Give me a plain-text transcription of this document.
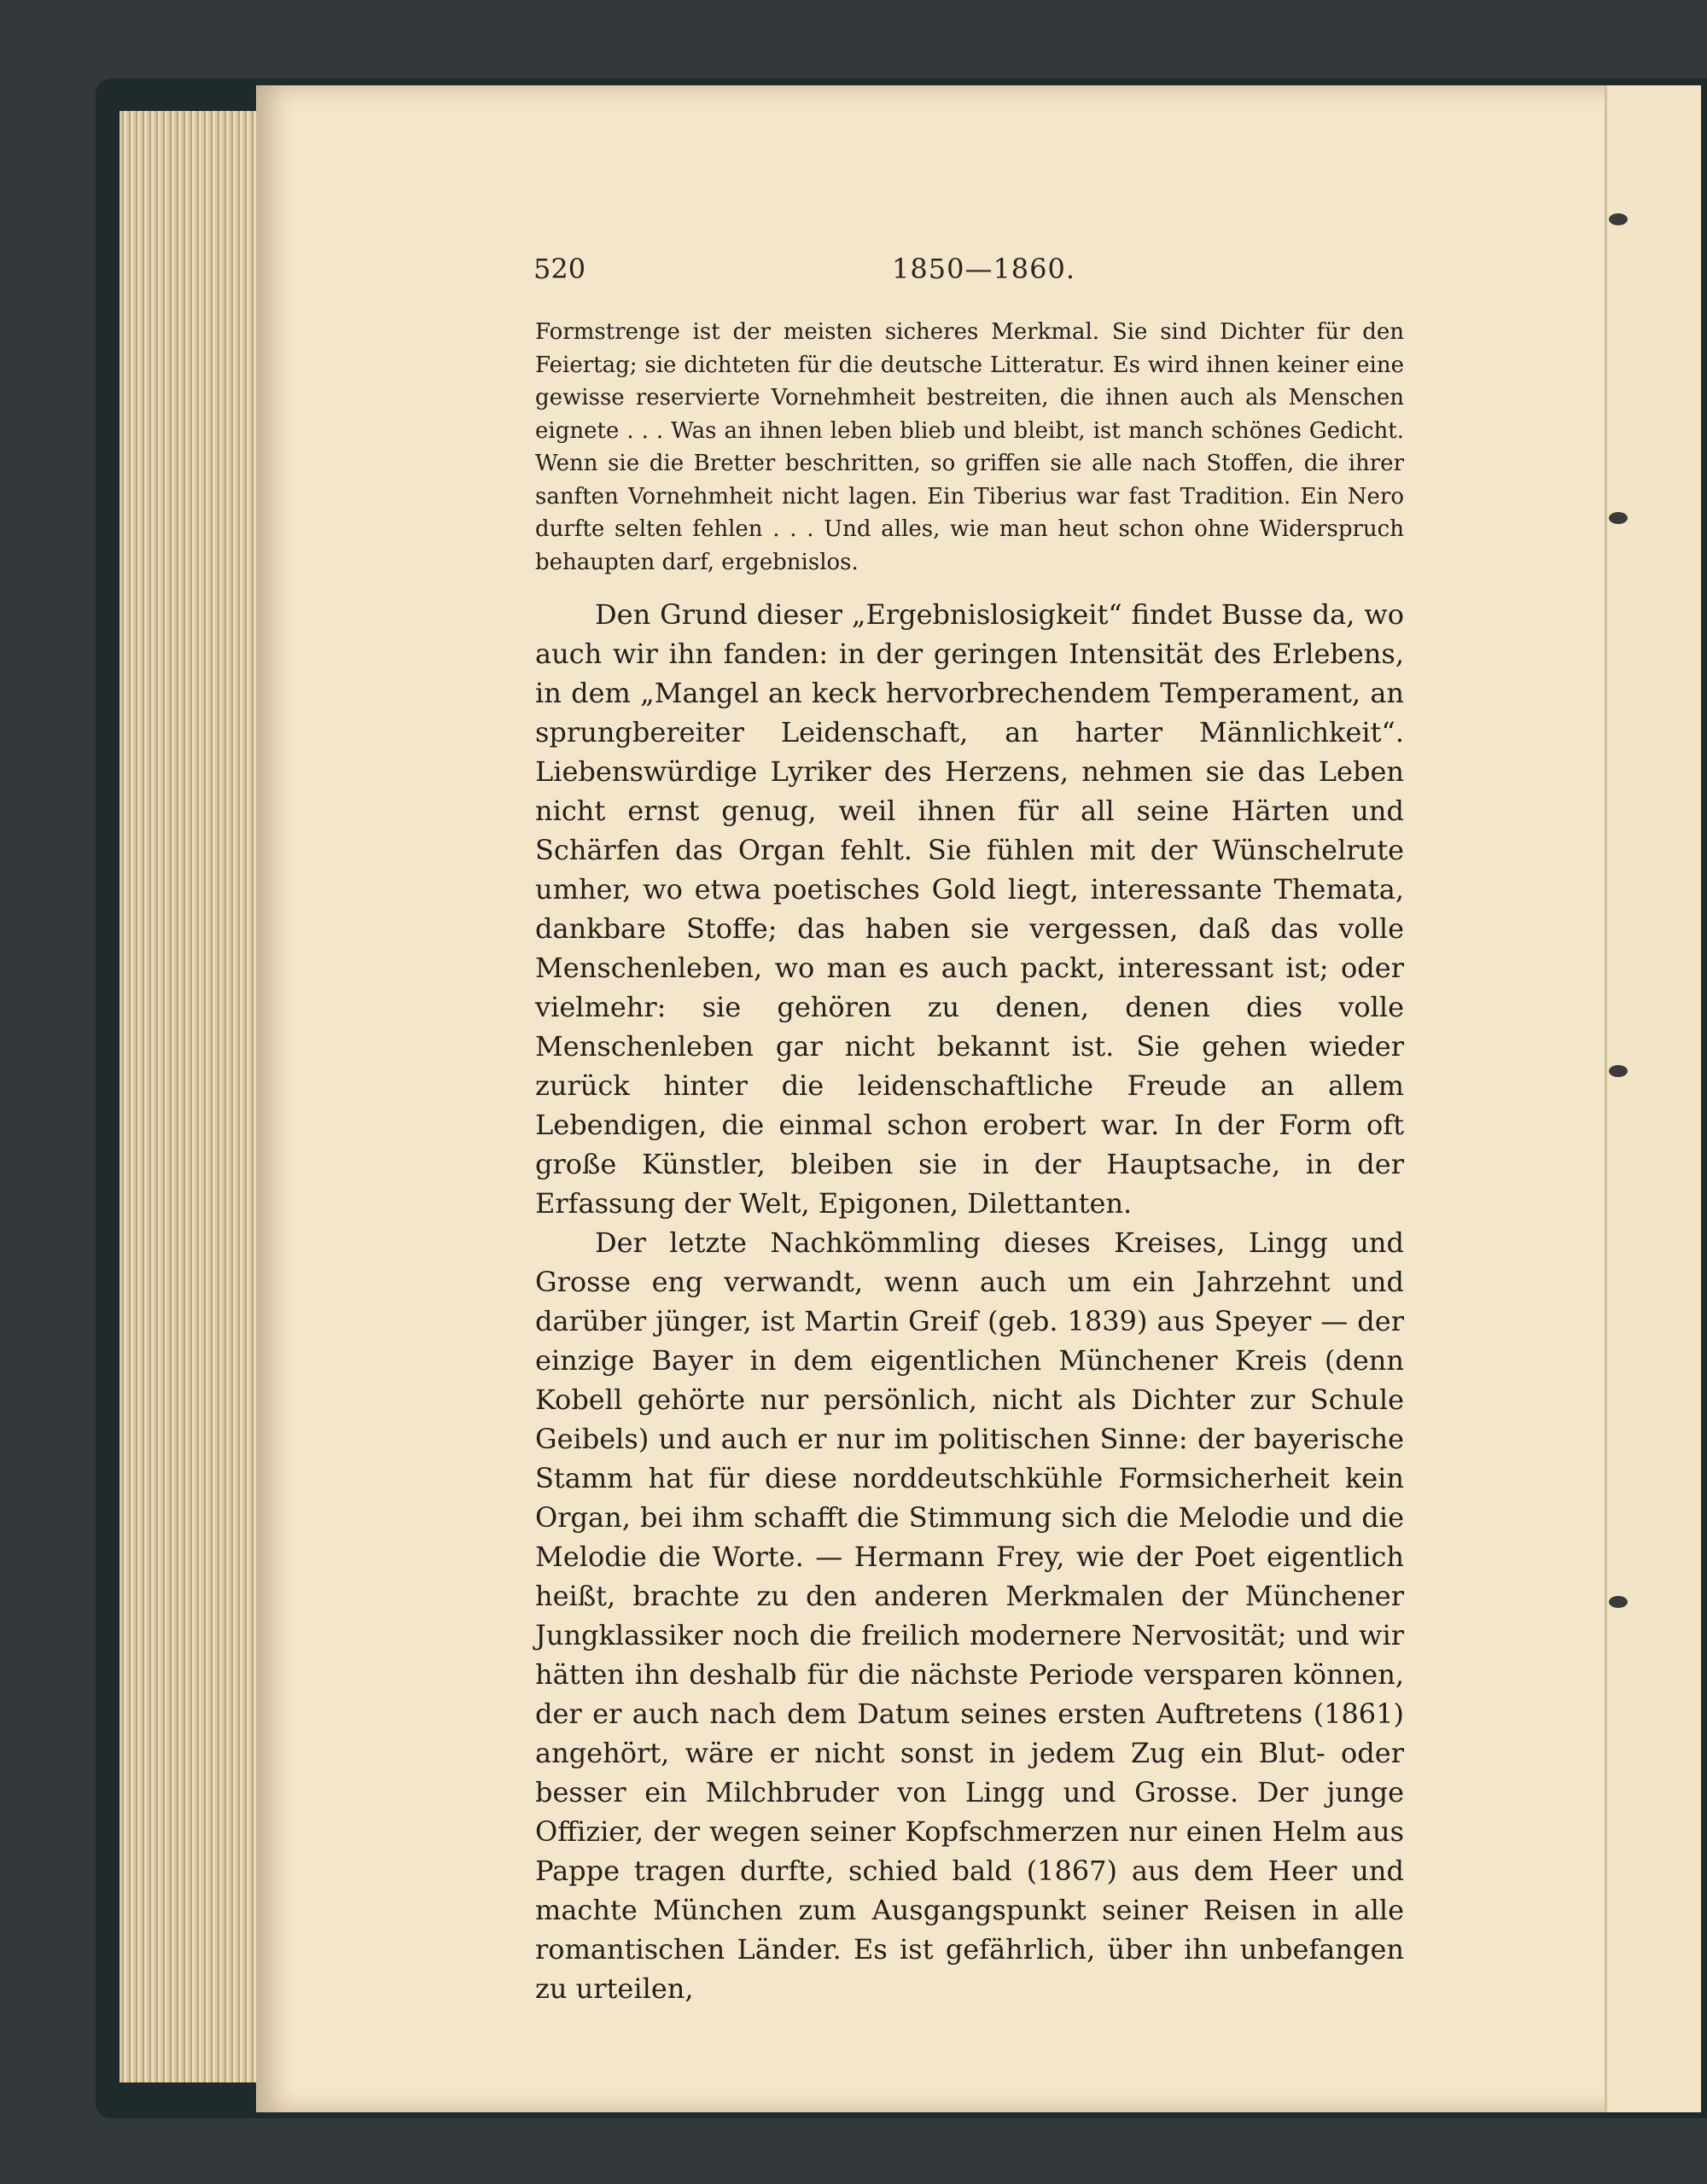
520	1850—1860.

Formstrenge ist der meisten sicheres Merkmal. Sie sind Dichter für den Feiertag; sie dichteten für die deutsche Litteratur. Es wird ihnen keiner eine gewisse reservierte Vornehmheit bestreiten, die ihnen auch als Menschen eignete . . . Was an ihnen leben blieb und bleibt, ist manch schönes Gedicht. Wenn sie die Bretter beschritten, so griffen sie alle nach Stoffen, die ihrer sanften Vornehmheit nicht lagen. Ein Tiberius war fast Tradition. Ein Nero durfte selten fehlen . . . Und alles, wie man heut schon ohne Widerspruch behaupten darf, ergebnislos.

Den Grund dieser „Ergebnislosigkeit“ findet Busse da, wo auch wir ihn fanden: in der geringen Intensität des Erlebens, in dem „Mangel an keck hervorbrechendem Temperament, an sprungbereiter Leidenschaft, an harter Männlichkeit“. Liebenswürdige Lyriker des Herzens, nehmen sie das Leben nicht ernst genug, weil ihnen für all seine Härten und Schärfen das Organ fehlt. Sie fühlen mit der Wünschelrute umher, wo etwa poetisches Gold liegt, interessante Themata, dankbare Stoffe; das haben sie vergessen, daß das volle Menschenleben, wo man es auch packt, interessant ist; oder vielmehr: sie gehören zu denen, denen dies volle Menschenleben gar nicht bekannt ist. Sie gehen wieder zurück hinter die leidenschaftliche Freude an allem Lebendigen, die einmal schon erobert war. In der Form oft große Künstler, bleiben sie in der Hauptsache, in der Erfassung der Welt, Epigonen, Dilettanten.

Der letzte Nachkömmling dieses Kreises, Lingg und Grosse eng verwandt, wenn auch um ein Jahrzehnt und darüber jünger, ist Martin Greif (geb. 1839) aus Speyer — der einzige Bayer in dem eigentlichen Münchener Kreis (denn Kobell gehörte nur persönlich, nicht als Dichter zur Schule Geibels) und auch er nur im politischen Sinne: der bayerische Stamm hat für diese norddeutschkühle Formsicherheit kein Organ, bei ihm schafft die Stimmung sich die Melodie und die Melodie die Worte. — Hermann Frey, wie der Poet eigentlich heißt, brachte zu den anderen Merkmalen der Münchener Jungklassiker noch die freilich modernere Nervosität; und wir hätten ihn deshalb für die nächste Periode versparen können, der er auch nach dem Datum seines ersten Auftretens (1861) angehört, wäre er nicht sonst in jedem Zug ein Blut- oder besser ein Milchbruder von Lingg und Grosse. Der junge Offizier, der wegen seiner Kopfschmerzen nur einen Helm aus Pappe tragen durfte, schied bald (1867) aus dem Heer und machte München zum Ausgangspunkt seiner Reisen in alle romantischen Länder. Es ist gefährlich, über ihn unbefangen zu urteilen,
